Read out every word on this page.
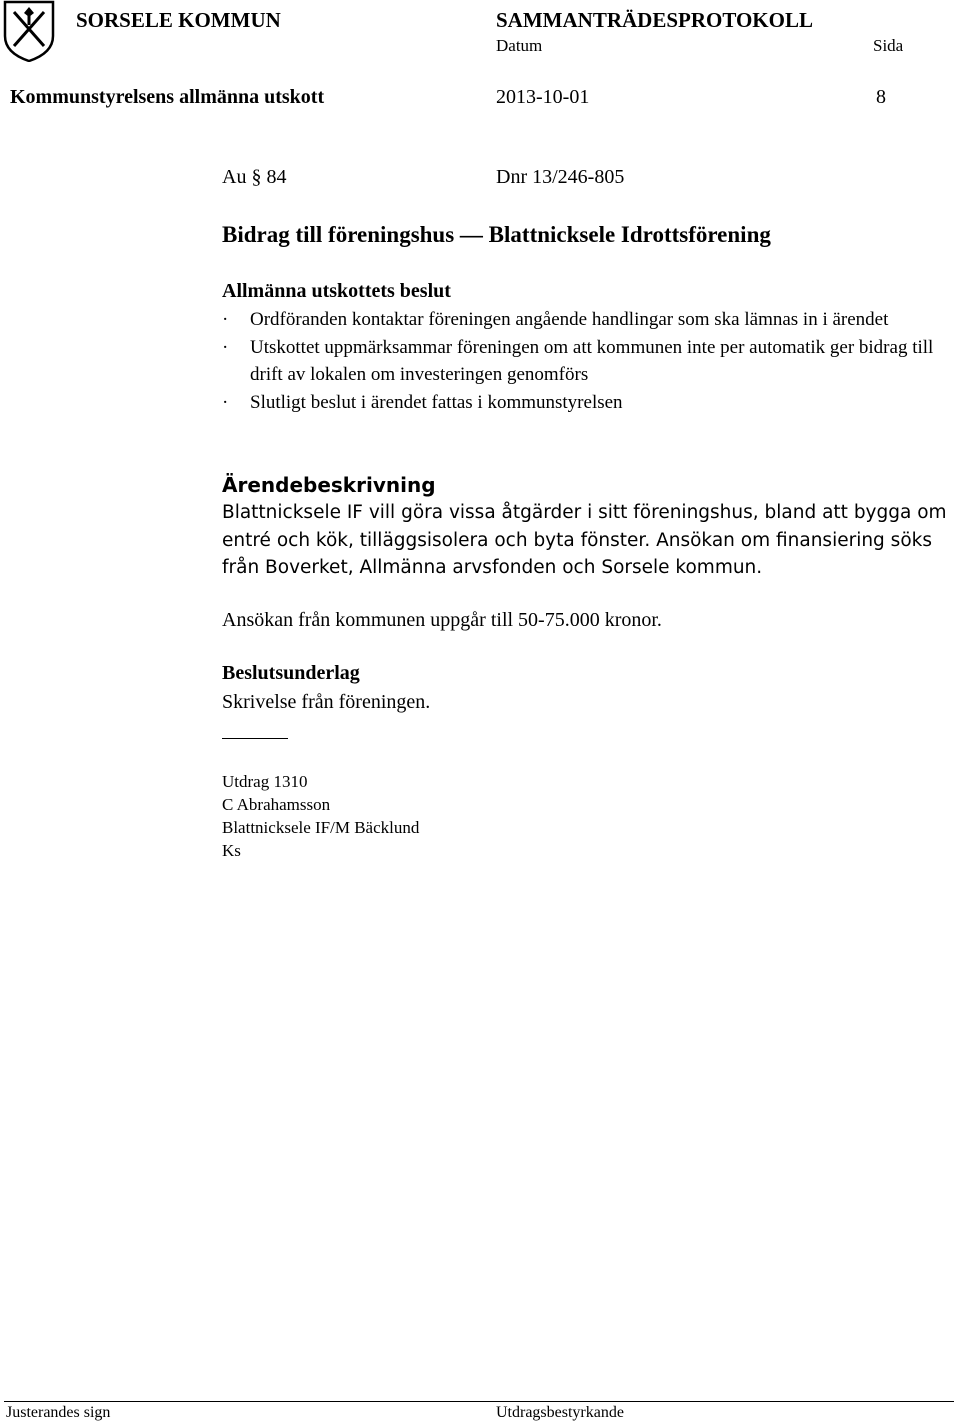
SORSELE KOMMUN	SAMMANTRÄDESPROTOKOLL
Datum	Sida
Kommunstyrelsens allmänna utskott	2013-10-01	8
Au § 84	Dnr 13/246-805
Bidrag till föreningshus — Blattnicksele Idrottsförening
Allmänna utskottets beslut
· Ordföranden kontaktar föreningen angående handlingar som ska lämnas in i ärendet
· Utskottet uppmärksammar föreningen om att kommunen inte per automatik ger bidrag till drift av lokalen om investeringen genomförs
· Slutligt beslut i ärendet fattas i kommunstyrelsen
Ärendebeskrivning
Blattnicksele IF vill göra vissa åtgärder i sitt föreningshus, bland att bygga om entré och kök, tilläggsisolera och byta fönster. Ansökan om finansiering söks från Boverket, Allmänna arvsfonden och Sorsele kommun.
Ansökan från kommunen uppgår till 50-75.000 kronor.
Beslutsunderlag
Skrivelse från föreningen.
Utdrag 1310
C Abrahamsson
Blattnicksele IF/M Bäcklund
Ks
Justerandes sign	Utdragsbestyrkande
